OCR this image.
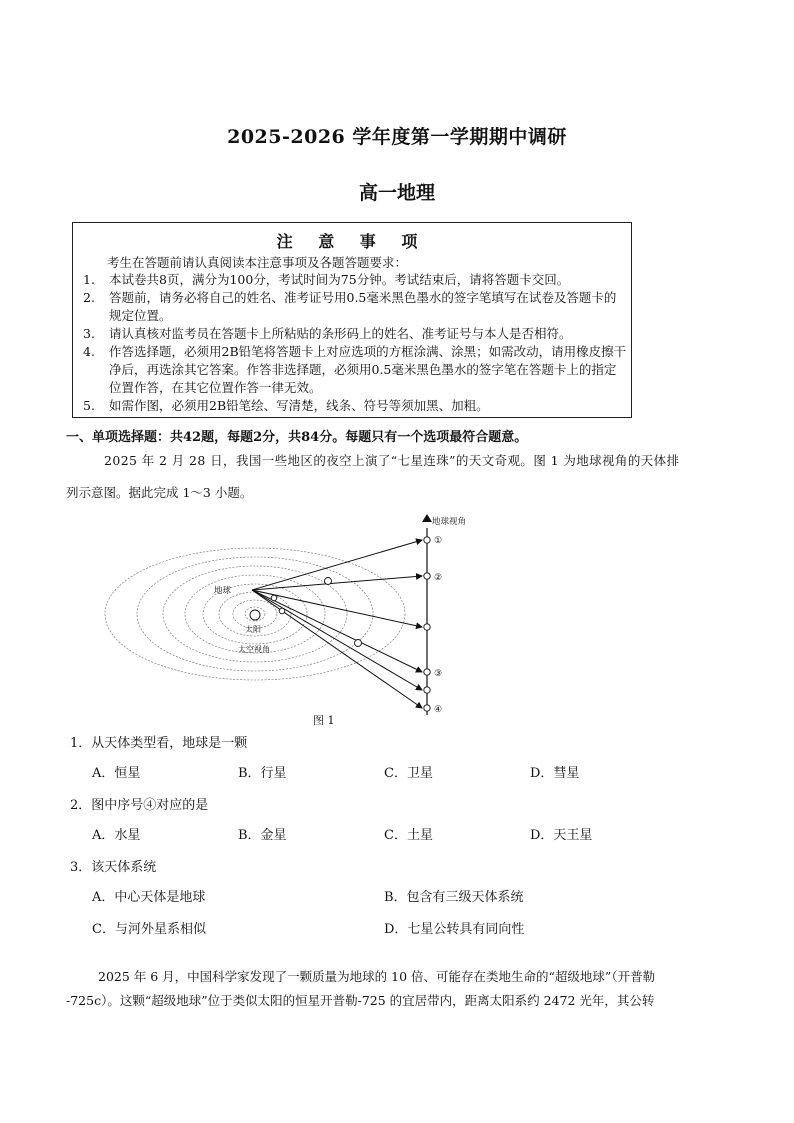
2025-2026 学年度第一学期期中调研
高一地理
注 意 事 项
考生在答题前请认真阅读本注意事项及各题答题要求：
1.	本试卷共8页，满分为100分，考试时间为75分钟。考试结束后，请将答题卡交回。
2.	答题前，请务必将自己的姓名、准考证号用0.5毫米黑色墨水的签字笔填写在试卷及答题卡的规定位置。
3.	请认真核对监考员在答题卡上所粘贴的条形码上的姓名、准考证号与本人是否相符。
4.	作答选择题，必须用2B铅笔将答题卡上对应选项的方框涂满、涂黑；如需改动，请用橡皮擦干净后，再选涂其它答案。作答非选择题，必须用0.5毫米黑色墨水的签字笔在答题卡上的指定位置作答，在其它位置作答一律无效。
5.	如需作图，必须用2B铅笔绘、写清楚，线条、符号等须加黑、加粗。
一、单项选择题：共42题，每题2分，共84分。每题只有一个选项最符合题意。
2025 年 2 月 28 日，我国一些地区的夜空上演了“七星连珠”的天文奇观。图 1 为地球视角的天体排
列示意图。据此完成 1～3 小题。
地球视角
①
②
③
④
地球
太阳
太空视角
图 1
1．从天体类型看，地球是一颗
A．恒星	B．行星	C．卫星	D．彗星
2．图中序号④对应的是
A．水星	B．金星	C．土星	D．天王星
3．该天体系统
A．中心天体是地球	B．包含有三级天体系统
C．与河外星系相似	D．七星公转具有同向性
2025 年 6 月，中国科学家发现了一颗质量为地球的 10 倍、可能存在类地生命的“超级地球”（开普勒
-725c）。这颗“超级地球”位于类似太阳的恒星开普勒-725 的宜居带内，距离太阳系约 2472 光年，其公转
